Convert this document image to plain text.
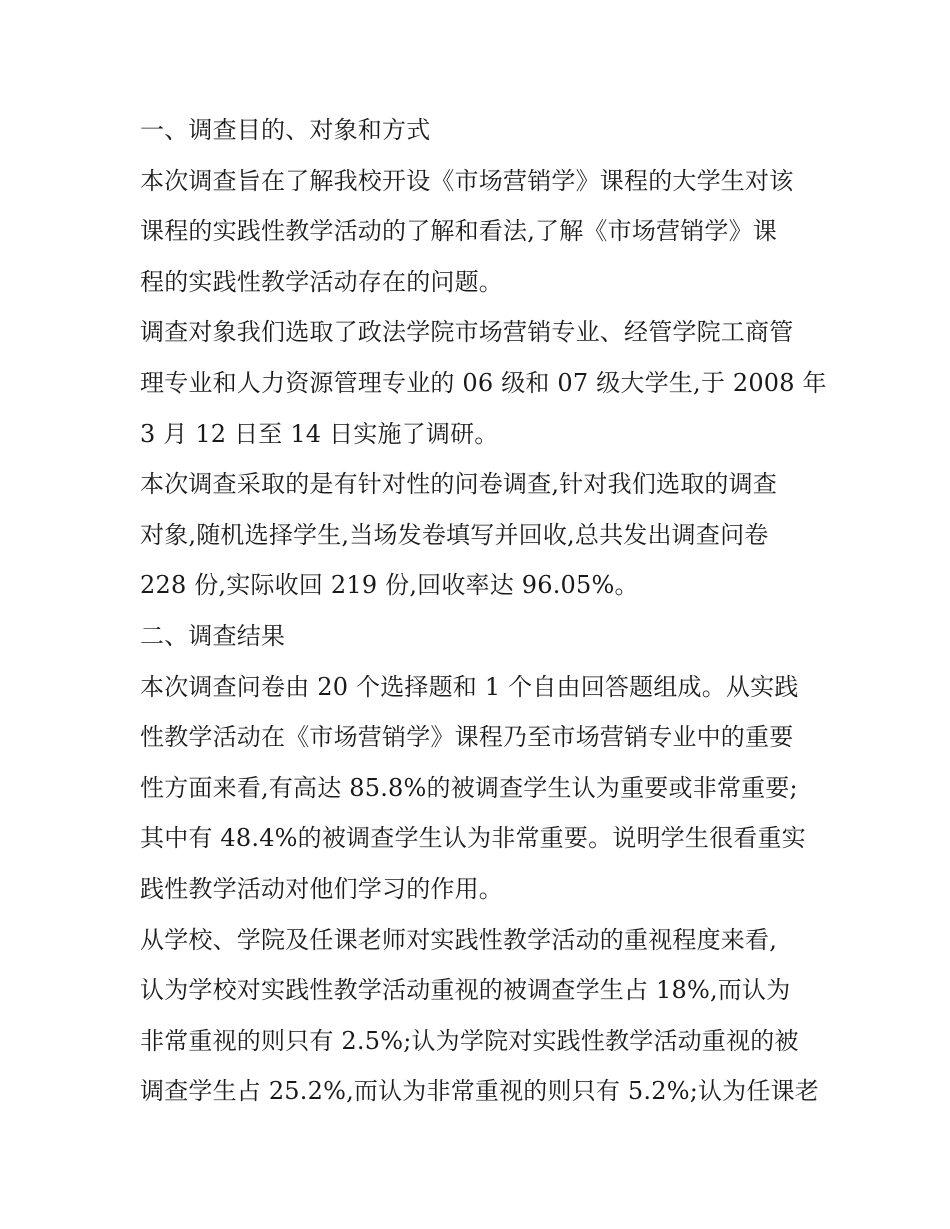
一、调查目的、对象和方式
本次调查旨在了解我校开设《市场营销学》课程的大学生对该
课程的实践性教学活动的了解和看法,了解《市场营销学》课
程的实践性教学活动存在的问题。
调查对象我们选取了政法学院市场营销专业、经管学院工商管
理专业和人力资源管理专业的 06 级和 07 级大学生,于 2008 年
3 月 12 日至 14 日实施了调研。
本次调查采取的是有针对性的问卷调查,针对我们选取的调查
对象,随机选择学生,当场发卷填写并回收,总共发出调查问卷
228 份,实际收回 219 份,回收率达 96.05%。
二、调查结果
本次调查问卷由 20 个选择题和 1 个自由回答题组成。从实践
性教学活动在《市场营销学》课程乃至市场营销专业中的重要
性方面来看,有高达 85.8%的被调查学生认为重要或非常重要;
其中有 48.4%的被调查学生认为非常重要。说明学生很看重实
践性教学活动对他们学习的作用。
从学校、学院及任课老师对实践性教学活动的重视程度来看,
认为学校对实践性教学活动重视的被调查学生占 18%,而认为
非常重视的则只有 2.5%;认为学院对实践性教学活动重视的被
调查学生占 25.2%,而认为非常重视的则只有 5.2%;认为任课老
